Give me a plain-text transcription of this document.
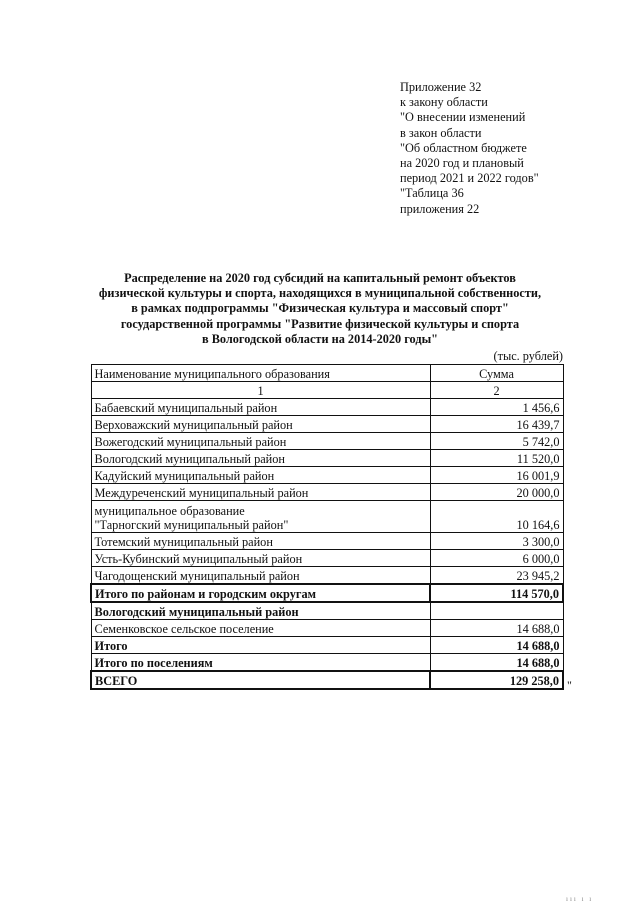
Приложение 32
к закону области
"О внесении изменений
в закон области
"Об областном бюджете
на 2020 год и плановый
период 2021 и 2022 годов"
"Таблица 36
приложения 22
Распределение на 2020 год субсидий на капитальный ремонт объектов
физической культуры и спорта, находящихся в муниципальной собственности,
в рамках подпрограммы "Физическая культура и массовый спорт"
государственной программы "Развитие физической культуры и спорта
в Вологодской области на 2014-2020 годы"
(тыс. рублей)
Наименование муниципального образования	Сумма
1	2
Бабаевский муниципальный район	1 456,6
Верховажский муниципальный район	16 439,7
Вожегодский муниципальный район	5 742,0
Вологодский муниципальный район	11 520,0
Кадуйский муниципальный район	16 001,9
Междуреченский муниципальный район	20 000,0

муниципальное образование
"Тарногский муниципальный район"	10 164,6
Тотемский муниципальный район	3 300,0
Усть-Кубинский муниципальный район	6 000,0
Чагодощенский муниципальный район	23 945,2
Итого по районам и городским округам	114 570,0
Вологодский муниципальный район	
Семенковское сельское поселение	14 688,0
Итого	14 688,0
Итого по поселениям	14 688,0
ВСЕГО	129 258,0 "
ııı ı ı
